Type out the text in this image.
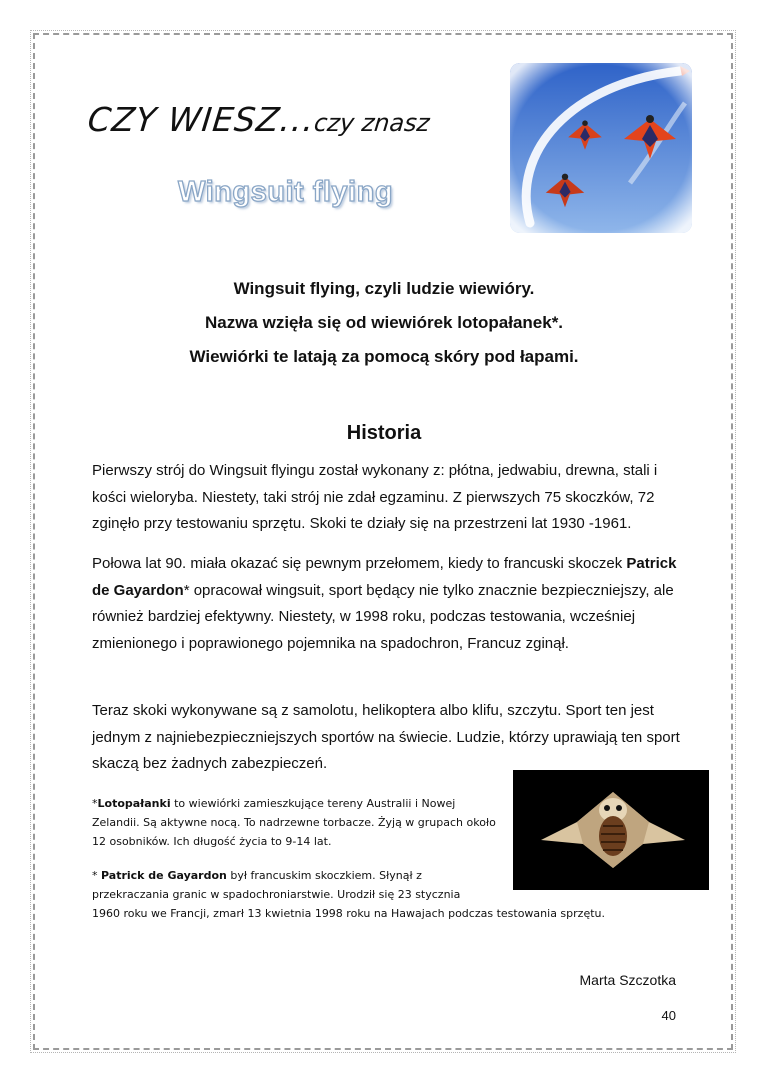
CZY WIESZ...czy znasz
Wingsuit flying
Wingsuit flying, czyli ludzie wiewióry.
Nazwa wzięła się od wiewiórek lotopałanek*.
Wiewiórki te latają za pomocą skóry pod łapami.
Historia

Pierwszy strój do Wingsuit flyingu został wykonany z: płótna, jedwabiu, drewna, stali i kości wieloryba. Niestety, taki strój nie zdał egzaminu. Z pierwszych 75 skoczków, 72 zginęło przy testowaniu sprzętu. Skoki te działy się na przestrzeni lat 1930 -1961.

Połowa lat 90. miała okazać się pewnym przełomem, kiedy to francuski skoczek Patrick de Gayardon* opracował wingsuit, sport będący nie tylko znacznie bezpieczniejszy, ale również bardziej efektywny. Niestety, w 1998 roku, podczas testowania, wcześniej zmienionego i poprawionego pojemnika na spadochron, Francuz zginął.

Teraz skoki wykonywane są z samolotu, helikoptera albo klifu, szczytu. Sport ten jest jednym z najniebezpieczniejszych sportów na świecie. Ludzie, którzy uprawiają ten sport skaczą bez żadnych zabezpieczeń.

*Lotopałanki to wiewiórki zamieszkujące tereny Australii i Nowej Zelandii. Są aktywne nocą. To nadrzewne torbacze. Żyją w grupach około 12 osobników. Ich długość życia to 9-14 lat.
* Patrick de Gayardon był francuskim skoczkiem. Słynął z przekraczania granic w spadochroniarstwie. Urodził się 23 stycznia
1960 roku we Francji, zmarł 13 kwietnia 1998 roku na Hawajach podczas testowania sprzętu.
Marta Szczotka
40
